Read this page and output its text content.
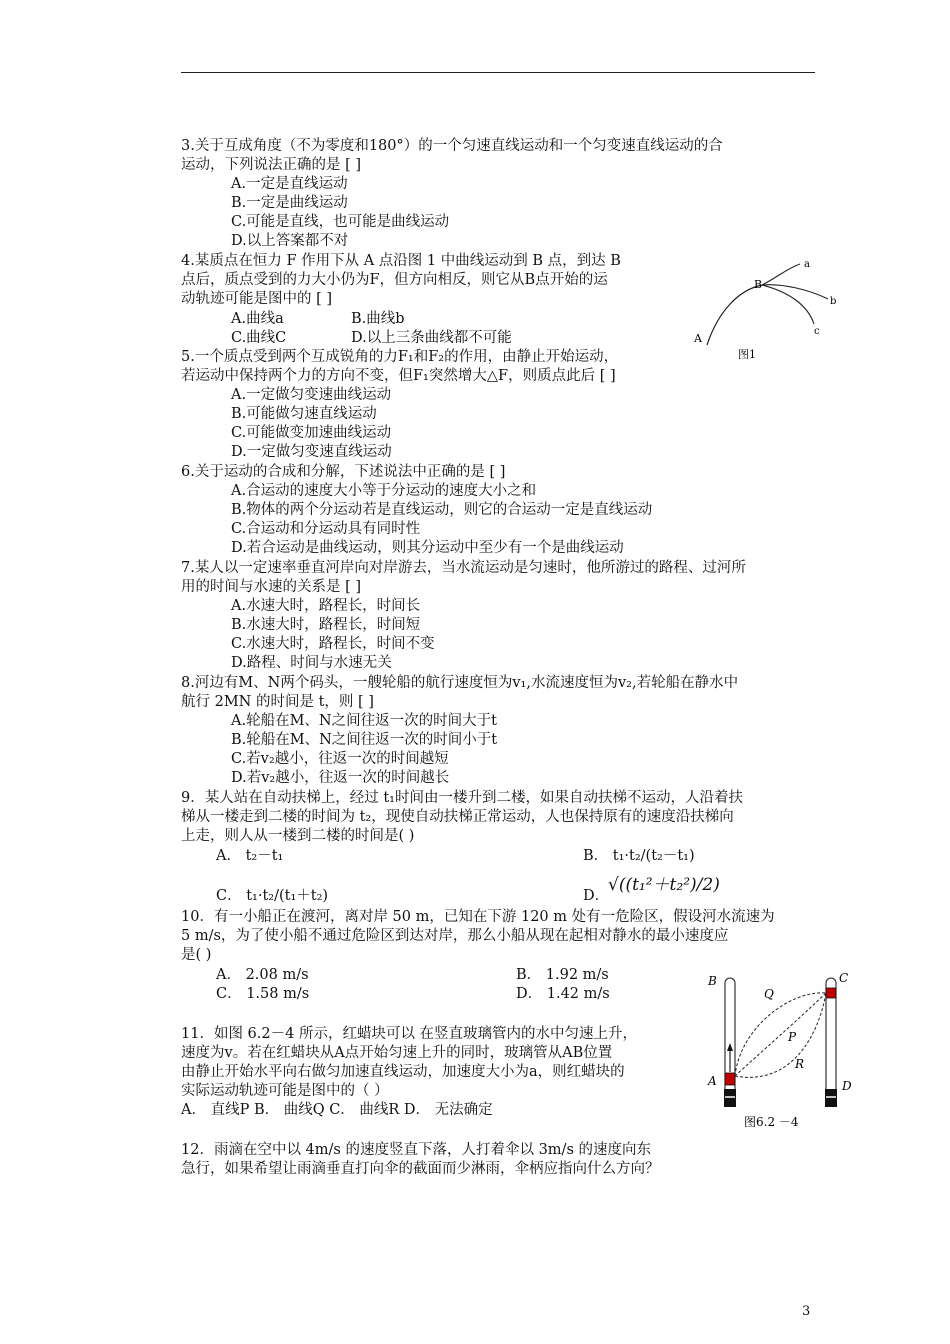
3.关于互成角度（不为零度和180°）的一个匀速直线运动和一个匀变速直线运动的合
运动，下列说法正确的是 [ ]
A.一定是直线运动
B.一定是曲线运动
C.可能是直线，也可能是曲线运动
D.以上答案都不对
4.某质点在恒力 F 作用下从 A 点沿图 1 中曲线运动到 B 点，到达 B
点后，质点受到的力大小仍为F，但方向相反，则它从B点开始的运
动轨迹可能是图中的 [ ]
A.曲线a	B.曲线b
C.曲线C	D.以上三条曲线都不可能	A
B
a
b
c
图1
5.一个质点受到两个互成锐角的力F₁和F₂的作用，由静止开始运动，
若运动中保持两个力的方向不变，但F₁突然增大△F，则质点此后 [ ]
A.一定做匀变速曲线运动
B.可能做匀速直线运动
C.可能做变加速曲线运动
D.一定做匀变速直线运动
6.关于运动的合成和分解，下述说法中正确的是 [ ]
A.合运动的速度大小等于分运动的速度大小之和
B.物体的两个分运动若是直线运动，则它的合运动一定是直线运动
C.合运动和分运动具有同时性
D.若合运动是曲线运动，则其分运动中至少有一个是曲线运动
7.某人以一定速率垂直河岸向对岸游去，当水流运动是匀速时，他所游过的路程、过河所
用的时间与水速的关系是 [ ]
A.水速大时，路程长，时间长
B.水速大时，路程长，时间短
C.水速大时，路程长，时间不变
D.路程、时间与水速无关
8.河边有M、N两个码头，一艘轮船的航行速度恒为v₁,水流速度恒为v₂,若轮船在静水中
航行 2MN 的时间是 t，则 [ ]
A.轮船在M、N之间往返一次的时间大于t
B.轮船在M、N之间往返一次的时间小于t
C.若v₂越小，往返一次的时间越短
D.若v₂越小，往返一次的时间越长
9．某人站在自动扶梯上，经过 t₁时间由一楼升到二楼，如果自动扶梯不运动，人沿着扶
梯从一楼走到二楼的时间为 t₂，现使自动扶梯正常运动，人也保持原有的速度沿扶梯向
上走，则人从一楼到二楼的时间是( )
A． t₂－t₁	B． t₁·t₂/(t₂－t₁)
C． t₁·t₂/(t₁＋t₂)	D．
√((t₁²＋t₂²)/2)
10．有一小船正在渡河，离对岸 50 m，已知在下游 120 m 处有一危险区，假设河水流速为
5 m/s，为了使小船不通过危险区到达对岸，那么小船从现在起相对静水的最小速度应
是( )
A． 2.08 m/s	B． 1.92 m/s
C． 1.58 m/s	D． 1.42 m/s
11．如图 6.2－4 所示，红蜡块可以 在竖直玻璃管内的水中匀速上升，
速度为v。若在红蜡块从A点开始匀速上升的同时，玻璃管从AB位置
由静止开始水平向右做匀加速直线运动，加速度大小为a，则红蜡块的
实际运动轨迹可能是图中的（ ）
A． 直线P B． 曲线Q C． 曲线R D． 无法确定
B
A
C
D
Q
P
R
图6.2 －4
12．雨滴在空中以 4m/s 的速度竖直下落，人打着伞以 3m/s 的速度向东
急行，如果希望让雨滴垂直打向伞的截面而少淋雨，伞柄应指向什么方向？
3
